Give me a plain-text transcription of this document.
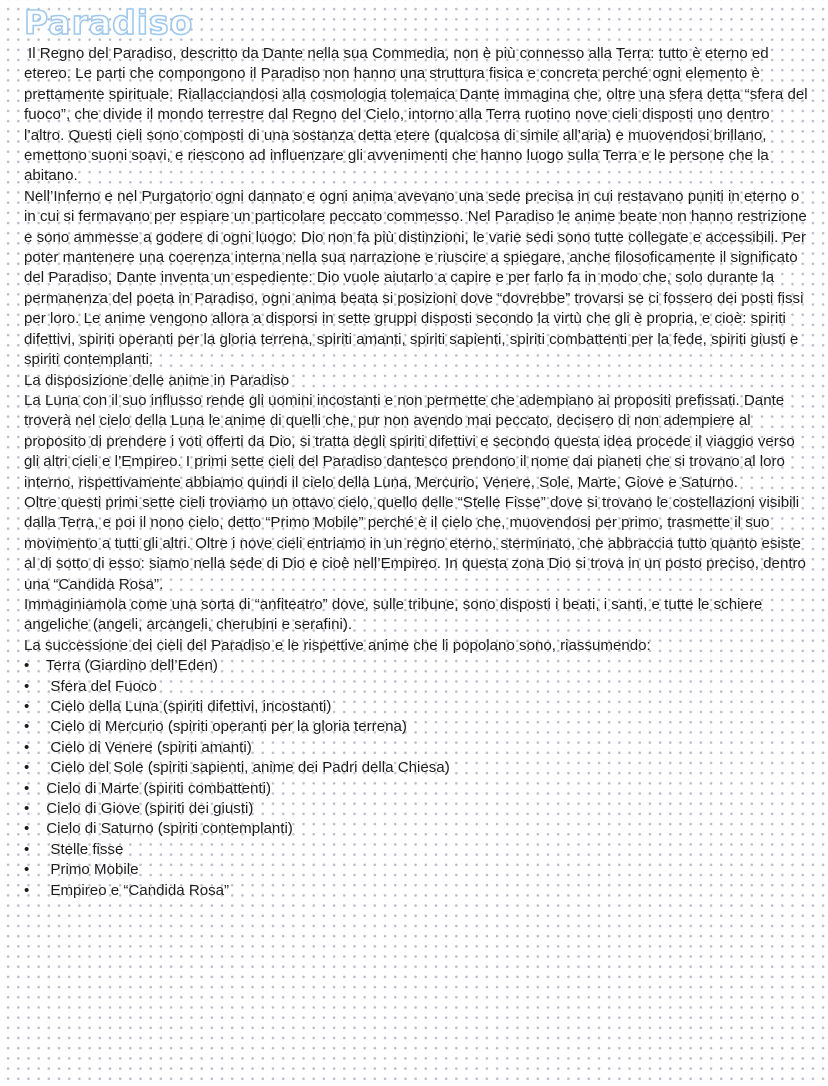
Paradiso

Il Regno del Paradiso, descritto da Dante nella sua Commedia, non è più connesso alla Terra: tutto è eterno ed etereo. Le parti che compongono il Paradiso non hanno una struttura fisica e concreta perché ogni elemento è prettamente spirituale. Riallacciandosi alla cosmologia tolemaica Dante immagina che, oltre una sfera detta “sfera del fuoco”, che divide il mondo terrestre dal Regno del Cielo, intorno alla Terra ruotino nove cieli disposti uno dentro l’altro. Questi cieli sono composti di una sostanza detta etere (qualcosa di simile all’aria) e muovendosi brillano, emettono suoni soavi, e riescono ad influenzare gli avvenimenti che hanno luogo sulla Terra e le persone che la abitano.

Nell’Inferno e nel Purgatorio ogni dannato e ogni anima avevano una sede precisa in cui restavano puniti in eterno o in cui si fermavano per espiare un particolare peccato commesso. Nel Paradiso le anime beate non hanno restrizione e sono ammesse a godere di ogni luogo: Dio non fa più distinzioni, le varie sedi sono tutte collegate e accessibili. Per poter mantenere una coerenza interna nella sua narrazione e riuscire a spiegare, anche filosoficamente il significato del Paradiso, Dante inventa un espediente: Dio vuole aiutarlo a capire e per farlo fa in modo che, solo durante la permanenza del poeta in Paradiso, ogni anima beata si posizioni dove “dovrebbe” trovarsi se ci fossero dei posti fissi per loro. Le anime vengono allora a disporsi in sette gruppi disposti secondo la virtù che gli è propria, e cioè: spiriti difettivi, spiriti operanti per la gloria terrena, spiriti amanti, spiriti sapienti, spiriti combattenti per la fede, spiriti giusti e spiriti contemplanti.

La disposizione delle anime in Paradiso

La Luna con il suo influsso rende gli uomini incostanti e non permette che adempiano ai propositi prefissati. Dante troverà nel cielo della Luna le anime di quelli che, pur non avendo mai peccato, decisero di non adempiere al proposito di prendere i voti offerti da Dio, si tratta degli spiriti difettivi e secondo questa idea procede il viaggio verso gli altri cieli e l’Empireo. I primi sette cieli del Paradiso dantesco prendono il nome dai pianeti che si trovano al loro interno, rispettivamente abbiamo quindi il cielo della Luna, Mercurio, Venere, Sole, Marte, Giove e Saturno.

Oltre questi primi sette cieli troviamo un ottavo cielo, quello delle “Stelle Fisse” dove si trovano le costellazioni visibili dalla Terra, e poi il nono cielo, detto “Primo Mobile” perché è il cielo che, muovendosi per primo, trasmette il suo movimento a tutti gli altri. Oltre i nove cieli entriamo in un regno eterno, sterminato, che abbraccia tutto quanto esiste al di sotto di esso: siamo nella sede di Dio e cioè nell’Empireo. In questa zona Dio si trova in un posto preciso, dentro una “Candida Rosa”.

Immaginiamola come una sorta di “anfiteatro” dove, sulle tribune, sono disposti i beati, i santi, e tutte le schiere angeliche (angeli, arcangeli, cherubini e serafini).

La successione dei cieli del Paradiso e le rispettive anime che li popolano sono, riassumendo:

• Terra (Giardino dell’Eden)
• Sfera del Fuoco
• Cielo della Luna (spiriti difettivi, incostanti)
• Cielo di Mercurio (spiriti operanti per la gloria terrena)
• Cielo di Venere (spiriti amanti)
• Cielo del Sole (spiriti sapienti, anime dei Padri della Chiesa)
• Cielo di Marte (spiriti combattenti)
• Cielo di Giove (spiriti dei giusti)
• Cielo di Saturno (spiriti contemplanti)
• Stelle fisse
• Primo Mobile
• Empireo e “Candida Rosa”
